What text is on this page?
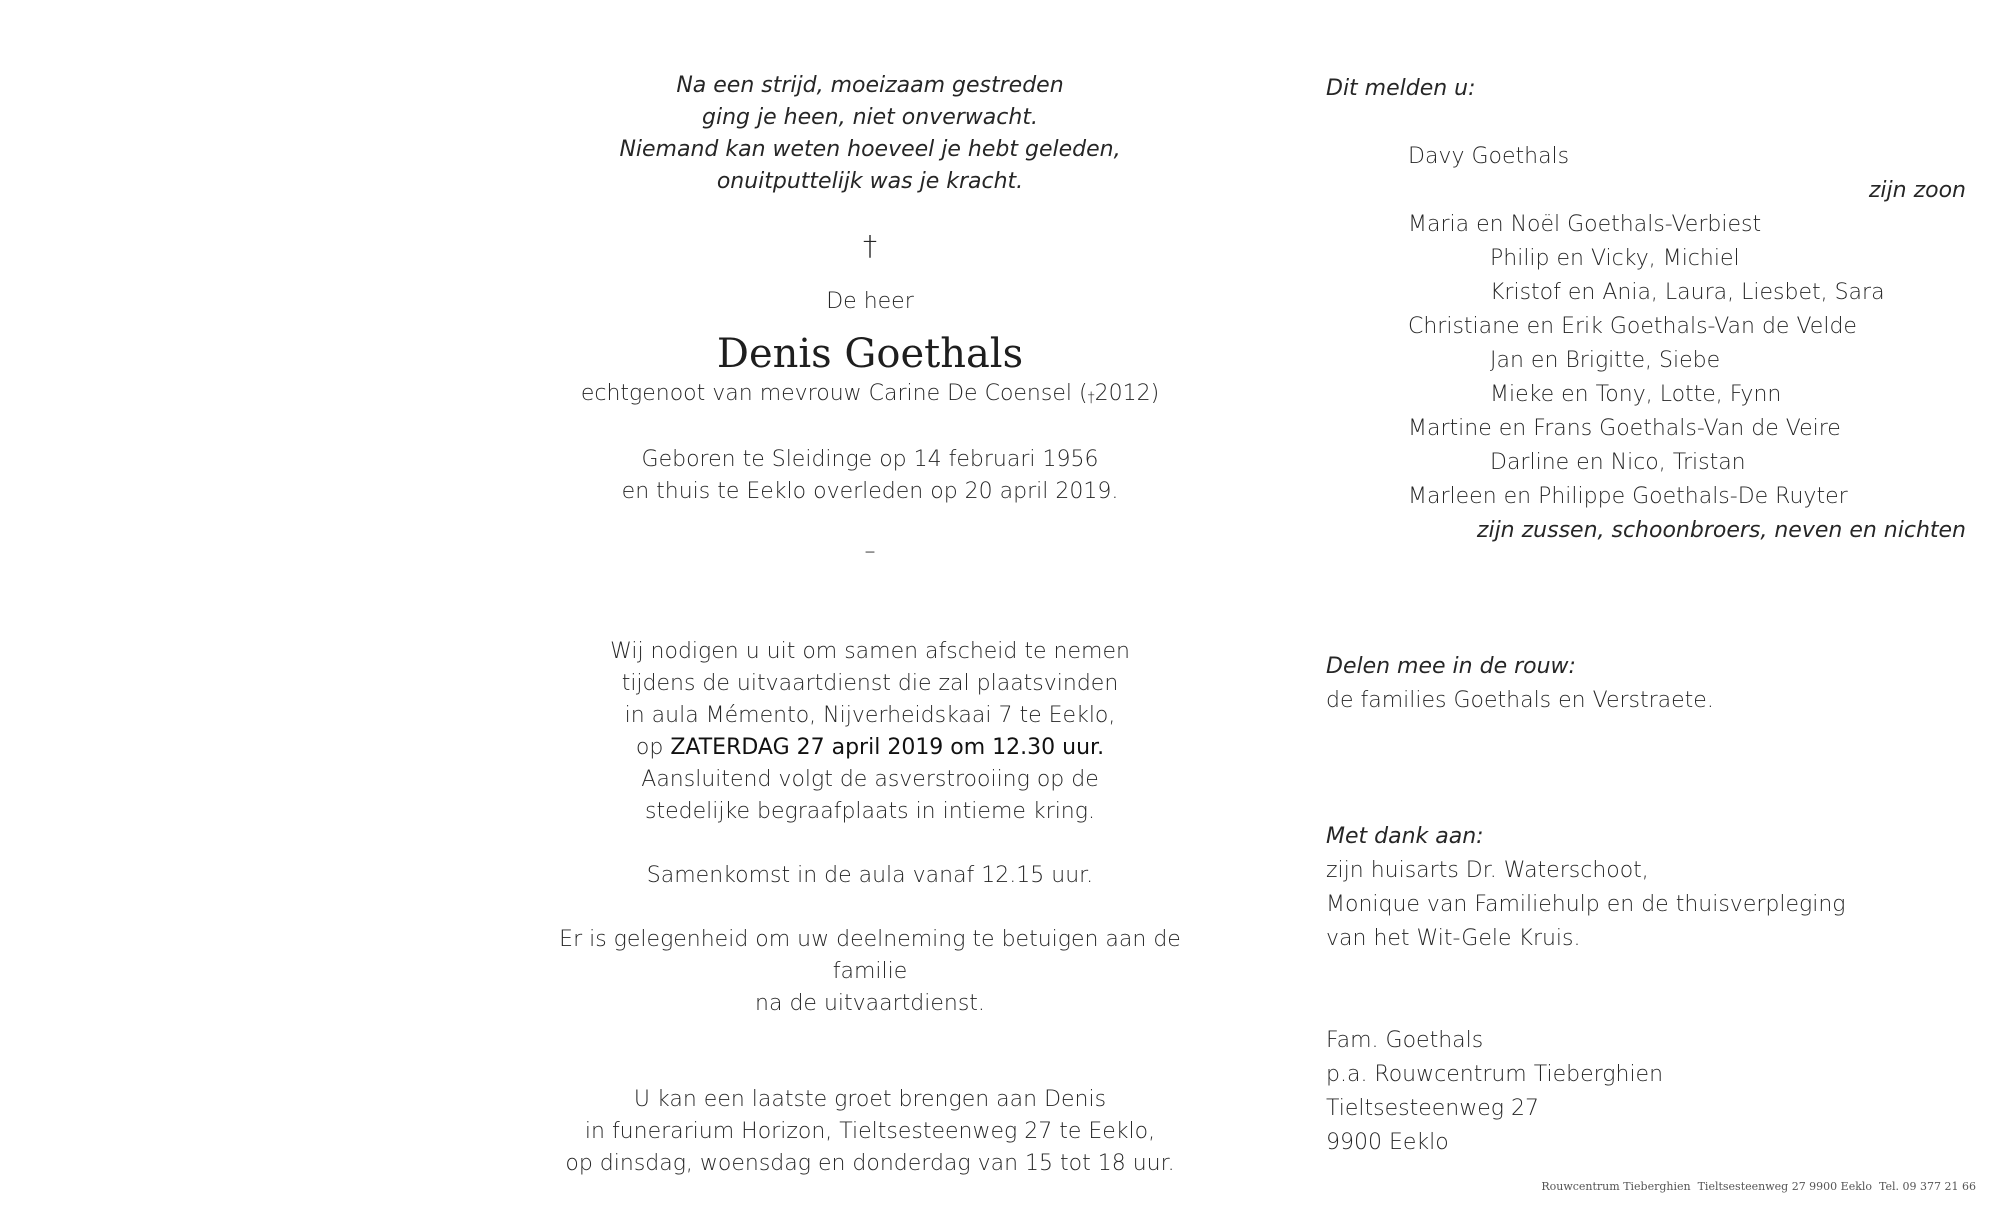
Na een strijd, moeizaam gestreden
ging je heen, niet onverwacht.
Niemand kan weten hoeveel je hebt geleden,
onuitputtelijk was je kracht.
†
De heer
Denis Goethals
echtgenoot van mevrouw Carine De Coensel (†2012)
Geboren te Sleidinge op 14 februari 1956
en thuis te Eeklo overleden op 20 april 2019.
–
Wij nodigen u uit om samen afscheid te nemen
tijdens de uitvaartdienst die zal plaatsvinden
in aula Mémento, Nijverheidskaai 7 te Eeklo,
op ZATERDAG 27 april 2019 om 12.30 uur.
Aansluitend volgt de asverstrooiing op de
stedelijke begraafplaats in intieme kring.
Samenkomst in de aula vanaf 12.15 uur.
Er is gelegenheid om uw deelneming te betuigen aan de familie
na de uitvaartdienst.
U kan een laatste groet brengen aan Denis
in funerarium Horizon, Tieltsesteenweg 27 te Eeklo,
op dinsdag, woensdag en donderdag van 15 tot 18 uur.
Dit melden u:
Davy Goethals
zijn zoon
Maria en Noël Goethals-Verbiest
Philip en Vicky, Michiel
Kristof en Ania, Laura, Liesbet, Sara
Christiane en Erik Goethals-Van de Velde
Jan en Brigitte, Siebe
Mieke en Tony, Lotte, Fynn
Martine en Frans Goethals-Van de Veire
Darline en Nico, Tristan
Marleen en Philippe Goethals-De Ruyter
zijn zussen, schoonbroers, neven en nichten
Delen mee in de rouw:
de families Goethals en Verstraete.
Met dank aan:
zijn huisarts Dr. Waterschoot,
Monique van Familiehulp en de thuisverpleging
van het Wit-Gele Kruis.
Fam. Goethals
p.a. Rouwcentrum Tieberghien
Tieltsesteenweg 27
9900 Eeklo
Rouwcentrum Tieberghien  Tieltsesteenweg 27 9900 Eeklo  Tel. 09 377 21 66
